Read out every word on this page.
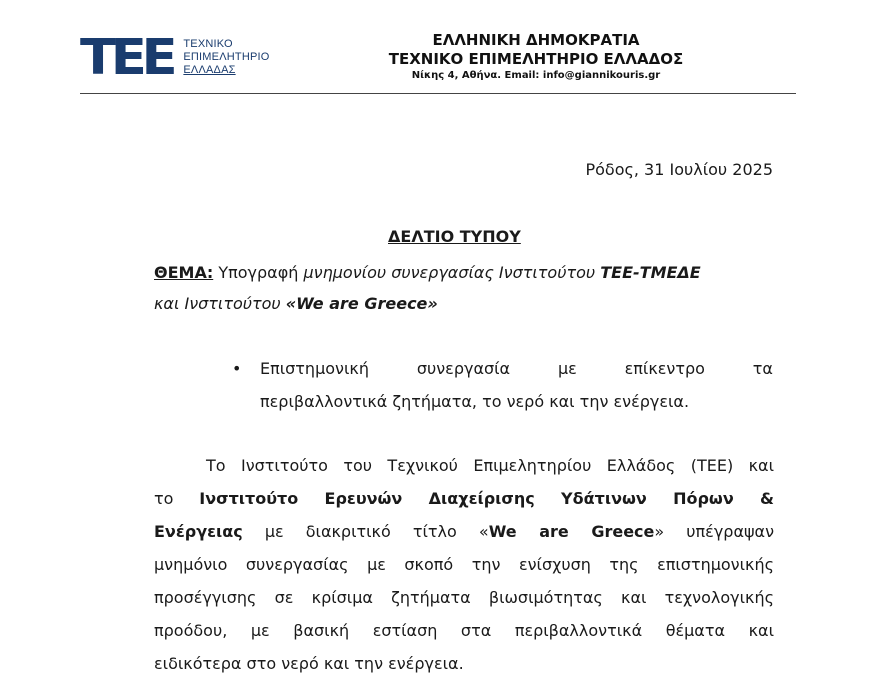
ΤΕΕ ΤΕΧΝΙΚΟ
ΕΠΙΜΕΛΗΤΗΡΙΟ
ΕΛΛΑΔΑΣ
ΕΛΛΗΝΙΚΗ ΔΗΜΟΚΡΑΤΙΑ
ΤΕΧΝΙΚΟ ΕΠΙΜΕΛΗΤΗΡΙΟ ΕΛΛΑΔΟΣ
Νίκης 4, Αθήνα. Email: info@giannikouris.gr
Ρόδος, 31 Ιουλίου 2025
ΔΕΛΤΙΟ ΤΥΠΟΥ
ΘΕΜΑ: Υπογραφή μνημονίου συνεργασίας Ινστιτούτου ΤΕΕ-ΤΜΕΔΕ
και Ινστιτούτου «We are Greece»
• Επιστημονική	συνεργασία	με	επίκεντρο	τα
περιβαλλοντικά ζητήματα, το νερό και την ενέργεια.
Το Ινστιτούτο του Τεχνικού Επιμελητηρίου Ελλάδος (ΤΕΕ) και
το Ινστιτούτο Ερευνών Διαχείρισης Υδάτινων Πόρων &
Ενέργειας με διακριτικό τίτλο «We are Greece» υπέγραψαν
μνημόνιο συνεργασίας με σκοπό την ενίσχυση της επιστημονικής
προσέγγισης σε κρίσιμα ζητήματα βιωσιμότητας και τεχνολογικής
προόδου, με βασική εστίαση στα περιβαλλοντικά θέματα και
ειδικότερα στο νερό και την ενέργεια.
